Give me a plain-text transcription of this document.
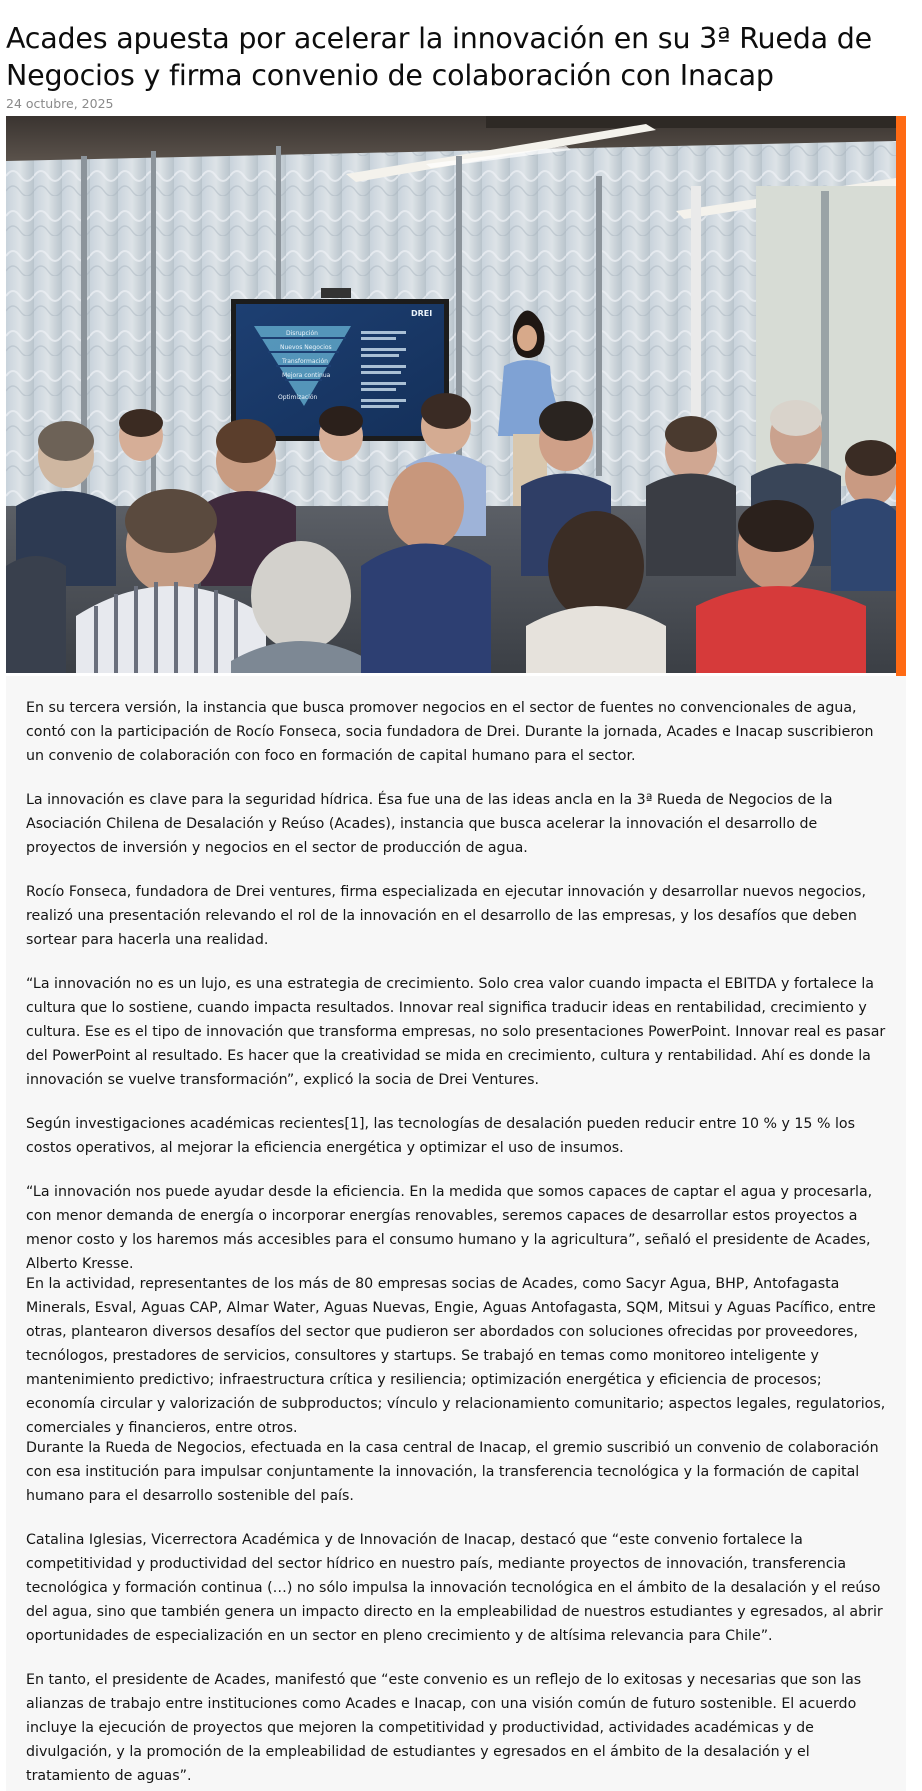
Acades apuesta por acelerar la innovación en su 3ª Rueda de Negocios y firma convenio de colaboración con Inacap
24 octubre, 2025
DREI
Disrupción
Nuevos Negocios
Transformación
Mejora continua
Optimización

En su tercera versión, la instancia que busca promover negocios en el sector de fuentes no convencionales de agua, contó con la participación de Rocío Fonseca, socia fundadora de Drei. Durante la jornada, Acades e Inacap suscribieron un convenio de colaboración con foco en formación de capital humano para el sector.

La innovación es clave para la seguridad hídrica. Ésa fue una de las ideas ancla en la 3ª Rueda de Negocios de la Asociación Chilena de Desalación y Reúso (Acades), instancia que busca acelerar la innovación el desarrollo de proyectos de inversión y negocios en el sector de producción de agua.

Rocío Fonseca, fundadora de Drei ventures, firma especializada en ejecutar innovación y desarrollar nuevos negocios, realizó una presentación relevando el rol de la innovación en el desarrollo de las empresas, y los desafíos que deben sortear para hacerla una realidad.

“La innovación no es un lujo, es una estrategia de crecimiento. Solo crea valor cuando impacta el EBITDA y fortalece la cultura que lo sostiene, cuando impacta resultados. Innovar real significa traducir ideas en rentabilidad, crecimiento y cultura. Ese es el tipo de innovación que transforma empresas, no solo presentaciones PowerPoint. Innovar real es pasar del PowerPoint al resultado. Es hacer que la creatividad se mida en crecimiento, cultura y rentabilidad. Ahí es donde la innovación se vuelve transformación”, explicó la socia de Drei Ventures.

Según investigaciones académicas recientes[1], las tecnologías de desalación pueden reducir entre 10 % y 15 % los costos operativos, al mejorar la eficiencia energética y optimizar el uso de insumos.

“La innovación nos puede ayudar desde la eficiencia. En la medida que somos capaces de captar el agua y procesarla, con menor demanda de energía o incorporar energías renovables, seremos capaces de desarrollar estos proyectos a menor costo y los haremos más accesibles para el consumo humano y la agricultura”, señaló el presidente de Acades, Alberto Kresse.

En la actividad, representantes de los más de 80 empresas socias de Acades, como Sacyr Agua, BHP, Antofagasta Minerals, Esval, Aguas CAP, Almar Water, Aguas Nuevas, Engie, Aguas Antofagasta, SQM, Mitsui y Aguas Pacífico, entre otras, plantearon diversos desafíos del sector que pudieron ser abordados con soluciones ofrecidas por proveedores, tecnólogos, prestadores de servicios, consultores y startups. Se trabajó en temas como monitoreo inteligente y mantenimiento predictivo; infraestructura crítica y resiliencia; optimización energética y eficiencia de procesos; economía circular y valorización de subproductos; vínculo y relacionamiento comunitario; aspectos legales, regulatorios, comerciales y financieros, entre otros.

Durante la Rueda de Negocios, efectuada en la casa central de Inacap, el gremio suscribió un convenio de colaboración con esa institución para impulsar conjuntamente la innovación, la transferencia tecnológica y la formación de capital humano para el desarrollo sostenible del país.

Catalina Iglesias, Vicerrectora Académica y de Innovación de Inacap, destacó que “este convenio fortalece la competitividad y productividad del sector hídrico en nuestro país, mediante proyectos de innovación, transferencia tecnológica y formación continua (…) no sólo impulsa la innovación tecnológica en el ámbito de la desalación y el reúso del agua, sino que también genera un impacto directo en la empleabilidad de nuestros estudiantes y egresados, al abrir oportunidades de especialización en un sector en pleno crecimiento y de altísima relevancia para Chile”.

En tanto, el presidente de Acades, manifestó que “este convenio es un reflejo de lo exitosas y necesarias que son las alianzas de trabajo entre instituciones como Acades e Inacap, con una visión común de futuro sostenible. El acuerdo incluye la ejecución de proyectos que mejoren la competitividad y productividad, actividades académicas y de divulgación, y la promoción de la empleabilidad de estudiantes y egresados en el ámbito de la desalación y el tratamiento de aguas”.
